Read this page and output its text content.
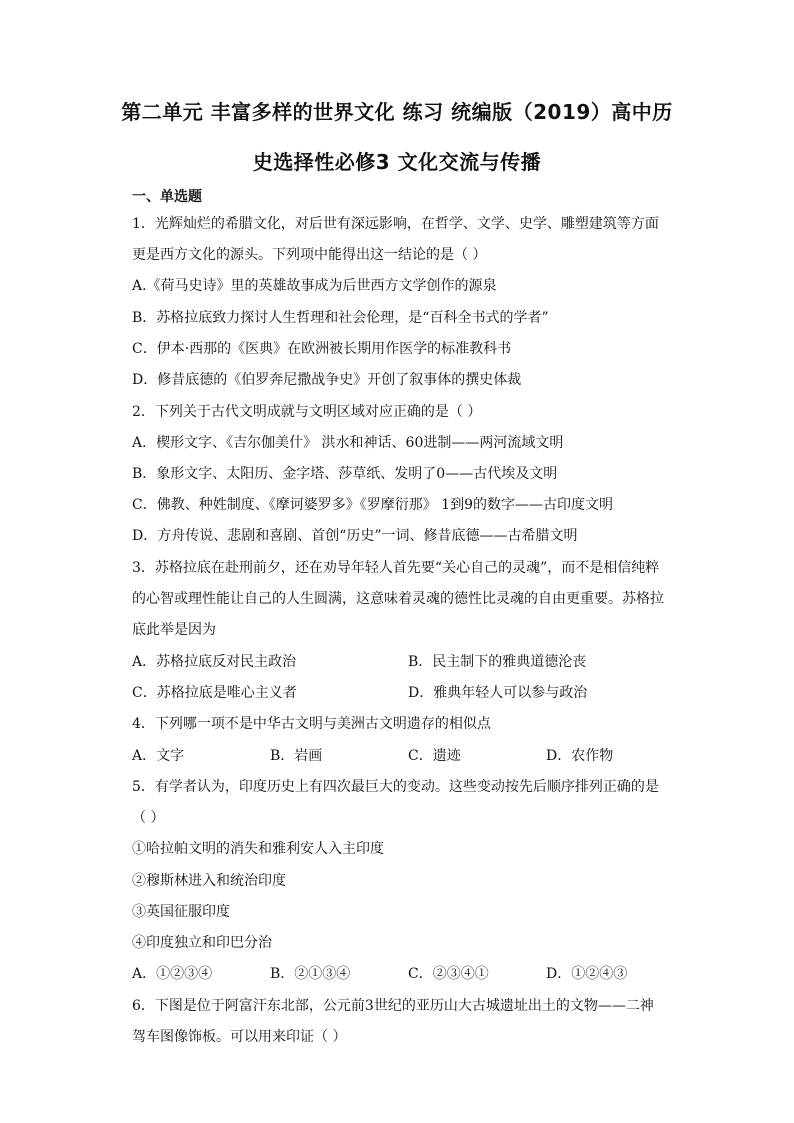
第二单元 丰富多样的世界文化 练习 统编版（2019）高中历
史选择性必修3 文化交流与传播
一、单选题
1．光辉灿烂的希腊文化，对后世有深远影响，在哲学、文学、史学、雕塑建筑等方面
更是西方文化的源头。下列项中能得出这一结论的是（ ）
A.《荷马史诗》里的英雄故事成为后世西方文学创作的源泉
B．苏格拉底致力探讨人生哲理和社会伦理，是“百科全书式的学者”
C．伊本·西那的《医典》在欧洲被长期用作医学的标准教科书
D．修昔底德的《伯罗奔尼撒战争史》开创了叙事体的撰史体裁
2．下列关于古代文明成就与文明区域对应正确的是（ ）
A．楔形文字、《吉尔伽美什》 洪水和神话、60进制——两河流域文明
B．象形文字、太阳历、金字塔、莎草纸、发明了0——古代埃及文明
C．佛教、种姓制度、《摩诃婆罗多》《罗摩衍那》 1到9的数字——古印度文明
D．方舟传说、悲剧和喜剧、首创“历史”一词、修昔底德——古希腊文明
3．苏格拉底在赴刑前夕，还在劝导年轻人首先要“关心自己的灵魂”，而不是相信纯粹
的心智或理性能让自己的人生圆满，这意味着灵魂的德性比灵魂的自由更重要。苏格拉
底此举是因为
A．苏格拉底反对民主政治	B．民主制下的雅典道德沦丧
C．苏格拉底是唯心主义者	D．雅典年轻人可以参与政治
4．下列哪一项不是中华古文明与美洲古文明遗存的相似点
A．文字	B．岩画	C．遗迹	D．农作物
5．有学者认为，印度历史上有四次最巨大的变动。这些变动按先后顺序排列正确的是
（ ）
①哈拉帕文明的消失和雅利安人入主印度
②穆斯林进入和统治印度
③英国征服印度
④印度独立和印巴分治
A．①②③④	B．②①③④	C．②③④①	D．①②④③
6．下图是位于阿富汗东北部，公元前3世纪的亚历山大古城遗址出土的文物——二神
驾车图像饰板。可以用来印证（ ）
